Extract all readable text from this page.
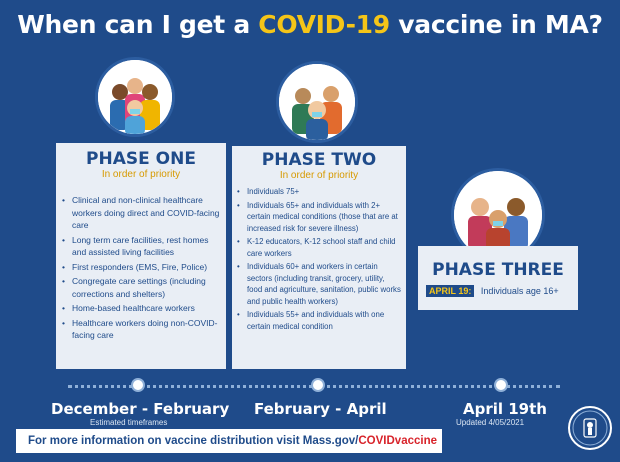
When can I get a COVID-19 vaccine in MA?
PHASE ONE
In order of priority
• Clinical and non-clinical healthcare workers doing direct and COVID-facing care
• Long term care facilities, rest homes and assisted living facilities
• First responders (EMS, Fire, Police)
• Congregate care settings (including corrections and shelters)
• Home-based healthcare workers
• Healthcare workers doing non-COVID-facing care
PHASE TWO
In order of priority
• Individuals 75+
• Individuals 65+ and individuals with 2+ certain medical conditions (those that are at increased risk for severe illness)
• K-12 educators, K-12 school staff and child care workers
• Individuals 60+ and workers in certain sectors (including transit, grocery, utility, food and agriculture, sanitation, public works and public health workers)
• Individuals 55+ and individuals with one certain medical condition
PHASE THREE
APRIL 19: Individuals age 16+
December - February
Estimated timeframes
February - April	April 19th
Updated 4/05/2021
For more information on vaccine distribution visit Mass.gov/COVIDvaccine
